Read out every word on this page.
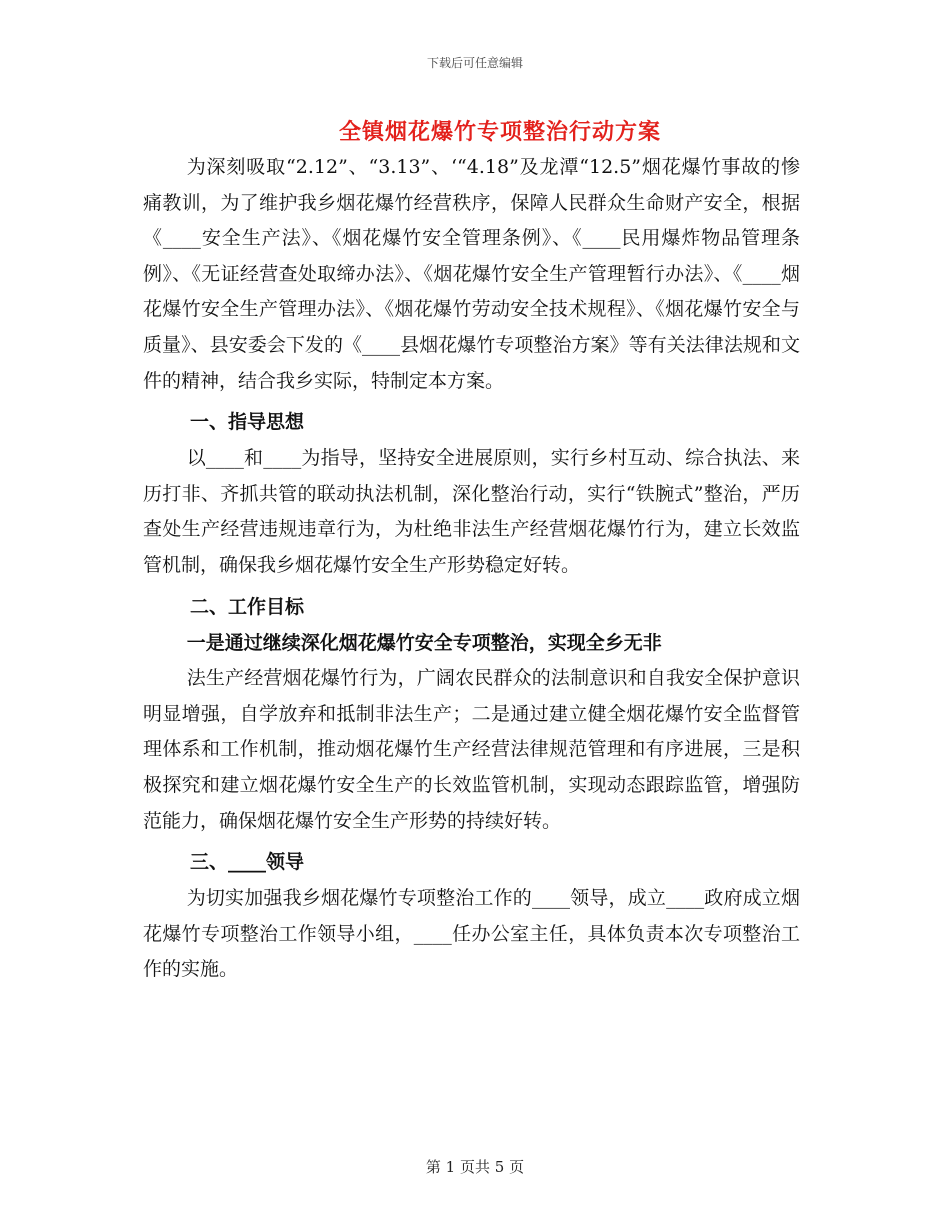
下载后可任意编辑
全镇烟花爆竹专项整治行动方案

为深刻吸取“2.12”、“3.13”、‘“4.18”及龙潭“12.5”烟花爆竹事故的惨痛教训，为了维护我乡烟花爆竹经营秩序，保障人民群众生命财产安全，根据《____安全生产法》、《烟花爆竹安全管理条例》、《____民用爆炸物品管理条例》、《无证经营查处取缔办法》、《烟花爆竹安全生产管理暂行办法》、《____烟花爆竹安全生产管理办法》、《烟花爆竹劳动安全技术规程》、《烟花爆竹安全与质量》、县安委会下发的《____县烟花爆竹专项整治方案》等有关法律法规和文件的精神，结合我乡实际，特制定本方案。

一、指导思想

以____和____为指导，坚持安全进展原则，实行乡村互动、综合执法、来历打非、齐抓共管的联动执法机制，深化整治行动，实行“铁腕式”整治，严历查处生产经营违规违章行为，为杜绝非法生产经营烟花爆竹行为，建立长效监管机制，确保我乡烟花爆竹安全生产形势稳定好转。

二、工作目标

一是通过继续深化烟花爆竹安全专项整治，实现全乡无非

法生产经营烟花爆竹行为，广阔农民群众的法制意识和自我安全保护意识明显增强，自学放弃和抵制非法生产；二是通过建立健全烟花爆竹安全监督管理体系和工作机制，推动烟花爆竹生产经营法律规范管理和有序进展，三是积极探究和建立烟花爆竹安全生产的长效监管机制，实现动态跟踪监管，增强防范能力，确保烟花爆竹安全生产形势的持续好转。

三、____领导

为切实加强我乡烟花爆竹专项整治工作的____领导，成立____政府成立烟花爆竹专项整治工作领导小组，____任办公室主任，具体负责本次专项整治工作的实施。

第 1 页共 5 页
